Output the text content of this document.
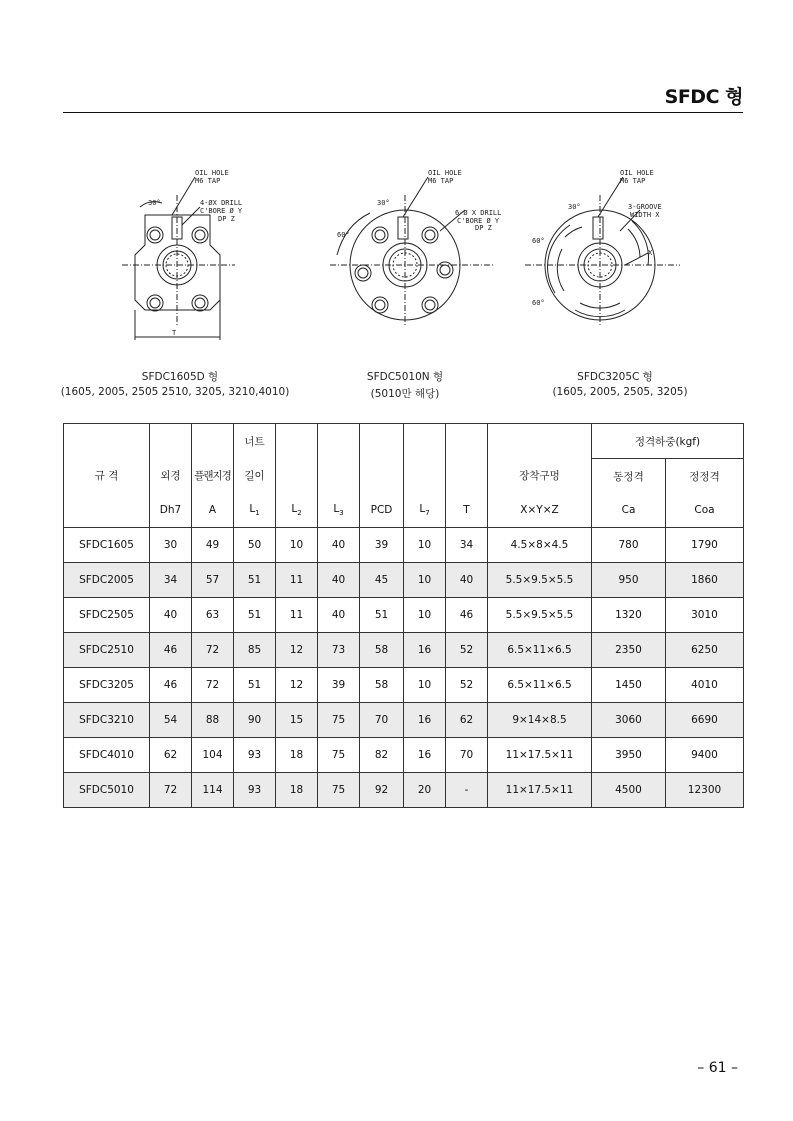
SFDC 형
OIL HOLE
M6 TAP
4-ØX DRILL
C'BORE Ø Y
DP Z
30°
T
SFDC1605D 형
(1605, 2005, 2505 2510, 3205, 3210,4010)
OIL HOLE
M6 TAP
6-Ø X DRILL
C'BORE Ø Y
DP Z
30°
60°
SFDC5010N 형
(5010만 해당)
OIL HOLE
M6 TAP
3-GROOVE
WIDTH X
30°
60°
60°
X
SFDC3205C 형
(1605, 2005, 2505, 3205)
			너트							정격하중(kgf)	
규 격	외경	플랜지경	길이						장착구멍	동정격	정정격
	Dh7	A	$L_1$	$L_2$	$L_3$	PCD	$L_7$	T	X×Y×Z	Ca	Coa
SFDC1605	30	49	50	10	40	39	10	34	4.5×8×4.5	780	1790
SFDC2005	34	57	51	11	40	45	10	40	5.5×9.5×5.5	950	1860
SFDC2505	40	63	51	11	40	51	10	46	5.5×9.5×5.5	1320	3010
SFDC2510	46	72	85	12	73	58	16	52	6.5×11×6.5	2350	6250
SFDC3205	46	72	51	12	39	58	10	52	6.5×11×6.5	1450	4010
SFDC3210	54	88	90	15	75	70	16	62	9×14×8.5	3060	6690
SFDC4010	62	104	93	18	75	82	16	70	11×17.5×11	3950	9400
SFDC5010	72	114	93	18	75	92	20	-	11×17.5×11	4500	12300
– 61 –
